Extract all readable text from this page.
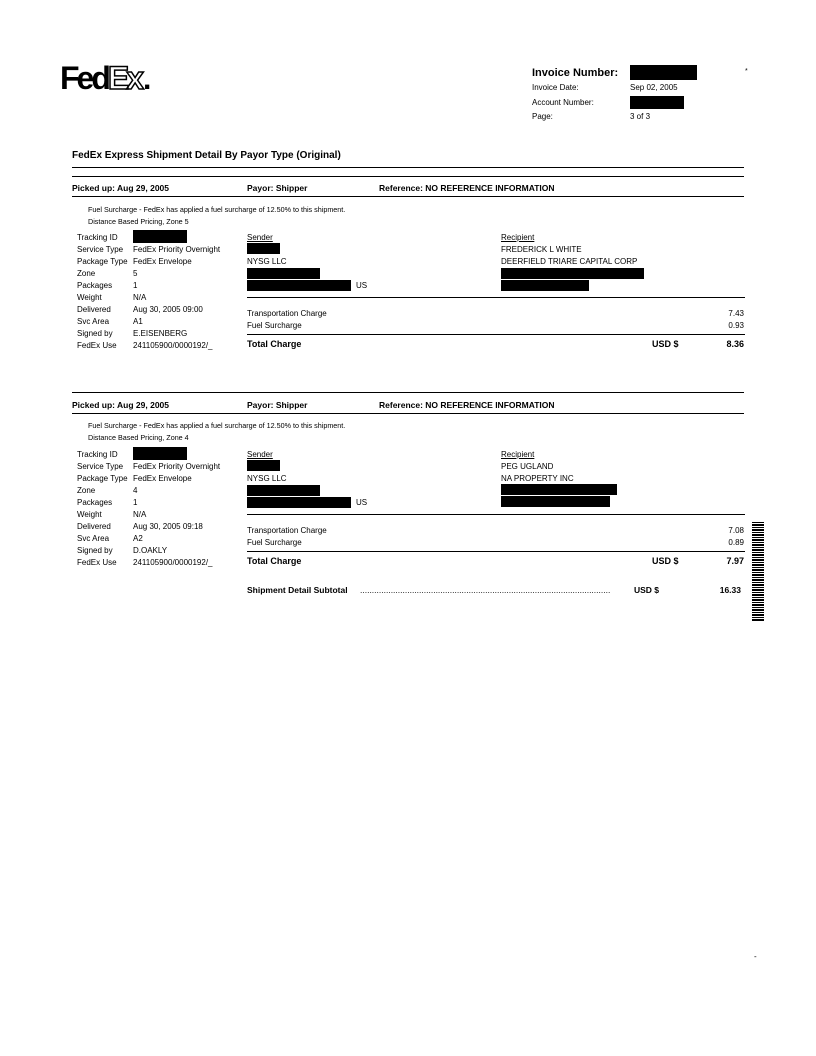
FedEx.	Invoice Number:
Invoice Date:	Sep 02, 2005
Account Number:
Page:	3 of 3
*
FedEx Express Shipment Detail By Payor Type (Original)
Picked up: Aug 29, 2005	Payor: Shipper	Reference: NO REFERENCE INFORMATION
Fuel Surcharge - FedEx has applied a fuel surcharge of 12.50% to this shipment.
Distance Based Pricing, Zone 5
Tracking ID
Service Type FedEx Priority Overnight
Package Type FedEx Envelope
Zone	5
Packages	1
Weight	N/A
Delivered	Aug 30, 2005 09:00
Svc Area	A1
Signed by	E.EISENBERG
FedEx Use 241105900/0000192/_
Sender
NYSG LLC
US
Recipient
FREDERICK L WHITE
DEERFIELD TRIARE CAPITAL CORP
Transportation Charge	7.43
Fuel Surcharge	0.93
Total Charge	USD $	8.36
Picked up: Aug 29, 2005	Payor: Shipper	Reference: NO REFERENCE INFORMATION
Fuel Surcharge - FedEx has applied a fuel surcharge of 12.50% to this shipment.
Distance Based Pricing, Zone 4
Tracking ID
Service Type FedEx Priority Overnight
Package Type FedEx Envelope
Zone	4
Packages	1
Weight	N/A
Delivered	Aug 30, 2005 09:18
Svc Area	A2
Signed by	D.OAKLY
FedEx Use 241105900/0000192/_
Sender
NYSG LLC
US
Recipient
PEG UGLAND
NA PROPERTY INC
Transportation Charge	7.08
Fuel Surcharge	0.89
Total Charge	USD $	7.97
Shipment Detail Subtotal ..........................................................................................................	USD $	16.33
-
